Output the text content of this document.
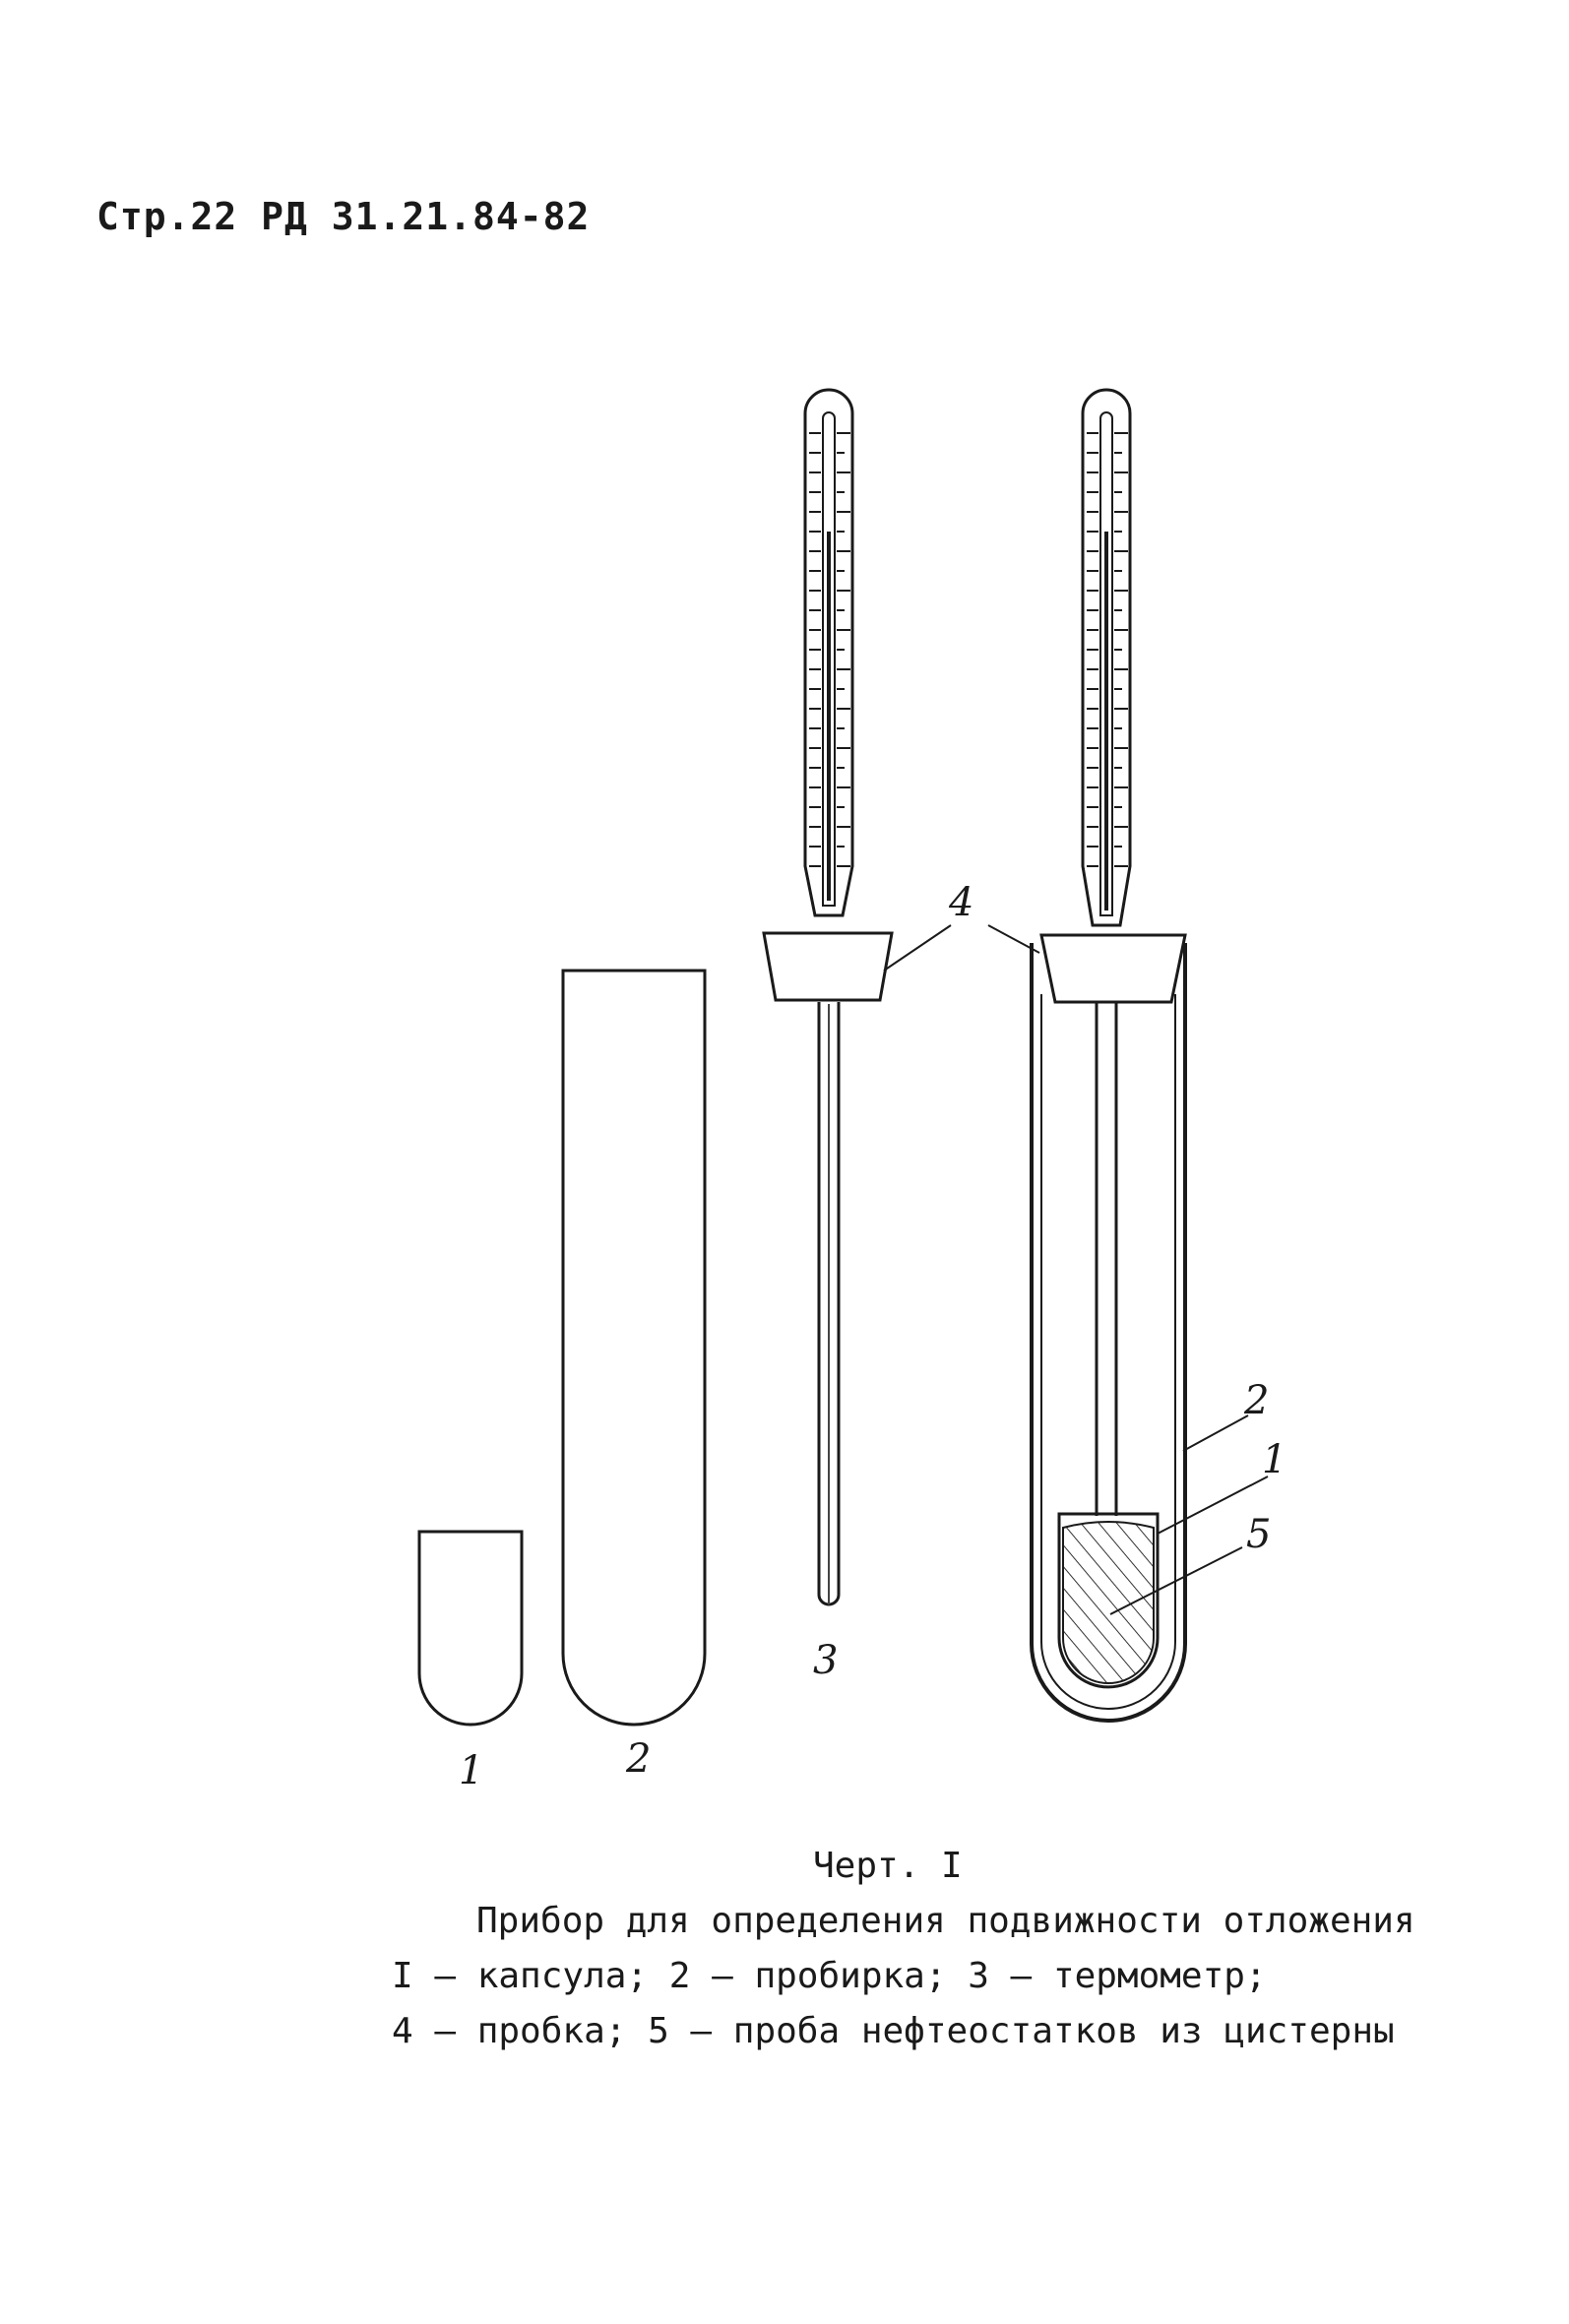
Стр.22 РД 31.21.84-82
1	2
3
4
2
1
5
Черт. I
Прибор для определения подвижности отложения
I – капсула; 2 – пробирка; 3 – термометр;
4 – пробка; 5 – проба нефтеостатков из цистерны
